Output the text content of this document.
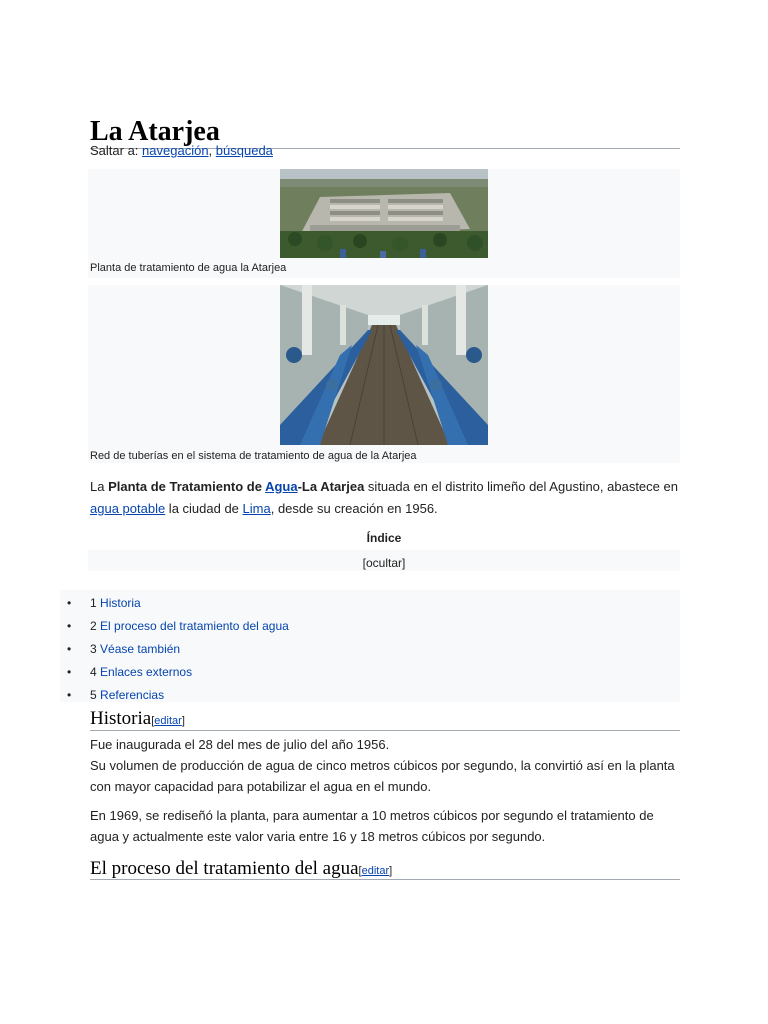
La Atarjea
Saltar a: navegación, búsqueda
Planta de tratamiento de agua la Atarjea
Red de tuberías en el sistema de tratamiento de agua de la Atarjea

La Planta de Tratamiento de Agua-La Atarjea situada en el distrito limeño del Agustino, abastece en agua potable la ciudad de Lima, desde su creación en 1956.

Índice
[ocultar]
• 1 Historia
• 2 El proceso del tratamiento del agua
• 3 Véase también
• 4 Enlaces externos
• 5 Referencias
Historia[editar]
Fue inaugurada el 28 del mes de julio del año 1956.
Su volumen de producción de agua de cinco metros cúbicos por segundo, la convirtió así en la planta con mayor capacidad para potabilizar el agua en el mundo.
En 1969, se rediseñó la planta, para aumentar a 10 metros cúbicos por segundo el tratamiento de agua y actualmente este valor varia entre 16 y 18 metros cúbicos por segundo.
El proceso del tratamiento del agua[editar]
